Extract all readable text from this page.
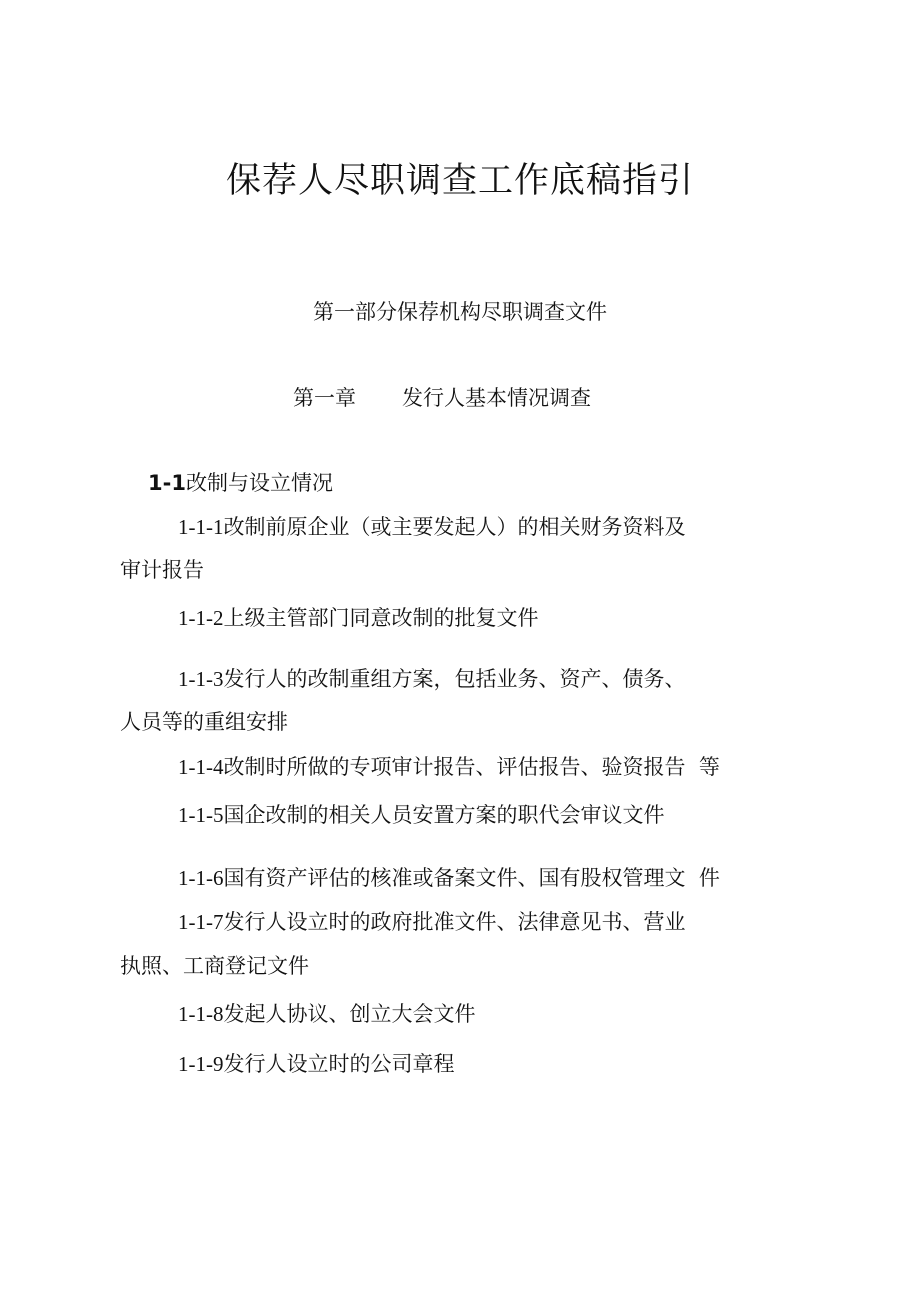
保荐人尽职调查工作底稿指引
第一部分保荐机构尽职调查文件
第一章 发行人基本情况调查
1-1改制与设立情况
1-1-1改制前原企业（或主要发起人）的相关财务资料及
审计报告
1-1-2上级主管部门同意改制的批复文件
1-1-3发行人的改制重组方案，包括业务、资产、债务、
人员等的重组安排
1-1-4改制时所做的专项审计报告、评估报告、验资报告  等
1-1-5国企改制的相关人员安置方案的职代会审议文件
1-1-6国有资产评估的核准或备案文件、国有股权管理文  件
1-1-7发行人设立时的政府批准文件、法律意见书、营业
执照、工商登记文件
1-1-8发起人协议、创立大会文件
1-1-9发行人设立时的公司章程
